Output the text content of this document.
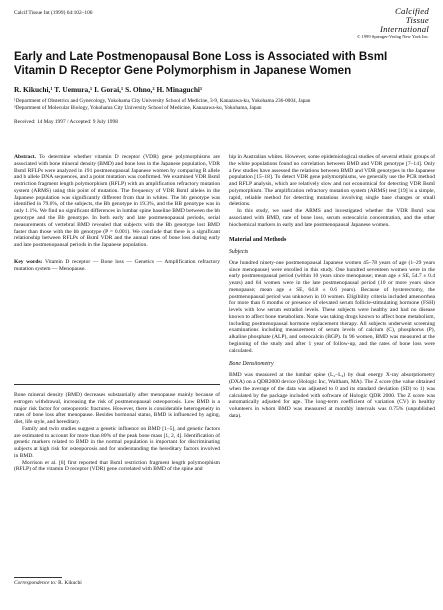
Calcif Tissue Int (1999) 64:102–106	Calcified
Tissue
International
© 1999 Springer-Verlag New York Inc.
Early and Late Postmenopausal Bone Loss is Associated with BsmI
Vitamin D Receptor Gene Polymorphism in Japanese Women
R. Kikuchi,¹ T. Uemura,¹ I. Gorai,¹ S. Ohno,² H. Minaguchi¹
¹Department of Obstetrics and Gynecology, Yokohama City University School of Medicine, 3-9, Kanazawa-ku, Yokohama 236-0004, Japan
²Department of Molecular Biology, Yokohama City University School of Medicine, Kanazawa-ku, Yokohama, Japan
Received: 14 May 1997 / Accepted: 9 July 1998

Abstract. To determine whether vitamin D receptor (VDR) gene polymorphisms are associated with bone mineral density (BMD) and bone loss in the Japanese population, VDR BsmI RFLPs were analyzed in 191 postmenopausal Japanese women by comparing B allele and b allele DNA sequences, and a point mutation was confirmed. We examined VDR BsmI restriction fragment length polymorphism (RFLP) with an amplification refractory mutation system (ARMS) using this point of mutation. The frequency of VDR BsmI alleles in the Japanese population was significantly different from that in whites. The bb genotype was identified in 79.6%, of the subjects, the Bb genotype in 19.3%, and the BB genotype was in only 1.1%. We find no significant differences in lumbar spine baseline BMD between the bb genotype and the Bb genotype. In both early and late postmenopausal periods, serial measurements of vertebral BMD revealed that subjects with the Bb genotype lost BMD faster than those with the bb genotype (P = 0.001). We conclude that there is a significant relationship between RFLPs of BsmI VDR and the annual rates of bone loss during early and late postmenopausal periods in the Japanese population.

Key words: Vitamin D receptor — Bone loss — Genetics — Amplification refractory mutation system — Menopause.

Bone mineral density (BMD) decreases substantially after menopause mainly because of estrogen withdrawal, increasing the risk of postmenopausal osteoporosis. Low BMD is a major risk factor for osteoporotic fractures. However, there is considerable heterogeneity in rates of bone loss after menopause. Besides hormonal status, BMD is influenced by aging, diet, life style, and hereditary.

Family and twin studies suggest a genetic influence on BMD [1–5], and genetic factors are estimated to account for more than 80% of the peak bone mass [1, 2, 4]. Identification of genetic markers related to BMD in the normal population is important for discriminating subjects at high risk for osteoporosis and for understanding the hereditary factors involved in BMD.

Morrison et al. [6] first reported that BsmI restriction fragment length polymorphism (RFLP) of the vitamin D receptor (VDR) gene correlated with BMD of the spine and

Correspondence to: R. Kikuchi

hip in Australian whites. However, some epidemiological studies of several ethnic groups of the white populations found no correlation between BMD and VDR genotype [7–14]. Only a few studies have assessed the relations between BMD and VDR genotypes in the Japanese population [15–18]. To detect VDR gene polymorphisms, we generally use the PCR method and RFLP analysis, which are relatively slow and not economical for detecting VDR BsmI polymorphism. The amplification refractory mutation system (ARMS) test [19] is a simple, rapid, reliable method for detecting mutations involving single base changes or small deletions.

In this study, we used the ARMS and investigated whether the VDR BsmI was associated with BMD, rate of bone loss, serum osteocalcin concentration, and the other biochemical markers in early and late postmenopausal Japanese women.

Material and Methods

Subjects

One hundred ninety-one postmenopausal Japanese women 45–78 years of age (1–29 years since menopause) were enrolled in this study. One hundred seventeen women were in the early postmenopausal period (within 10 years since menopause; mean age ± SE, 54.7 ± 0.4 years) and 64 women were in the late postmenopausal period (10 or more years since menopause; mean age ± SE, 64.8 ± 0.6 years). Because of hysterectomy, the postmenopausal period was unknown in 10 women. Eligibility criteria included amenorrhea for more than 6 months or presence of elevated serum follicle-stimulating hormone (FSH) levels with low serum estradiol levels. These subjects were healthy and had no disease known to affect bone metabolism. None was taking drugs known to affect bone metabolism, including postmenopausal hormone replacement therapy. All subjects underwent screening examinations including measurement of serum levels of calcium (C), phosphorus (P), alkaline phosphate (ALP), and osteocalcin (BGP). In 96 women, BMD was measured at the beginning of the study and after 1 year of follow-up, and the rates of bone loss were calculated.

Bone Densitometry

BMD was measured at the lumbar spine (L₂–L₄) by dual energy X-ray absorptiometry (DXA) on a QDR2000 device (Hologic Inc, Waltham, MA). The Z score (the value obtained when the average of the data was adjusted to 0 and its standard deviation (SD) to 1) was calculated by the package included with software of Hologic QDR 2000. The Z score was automatically adjusted for age. The long-term coefficient of variation (CV) in healthy volunteers in whom BMD was measured at monthly intervals was 0.75% (unpublished data).
